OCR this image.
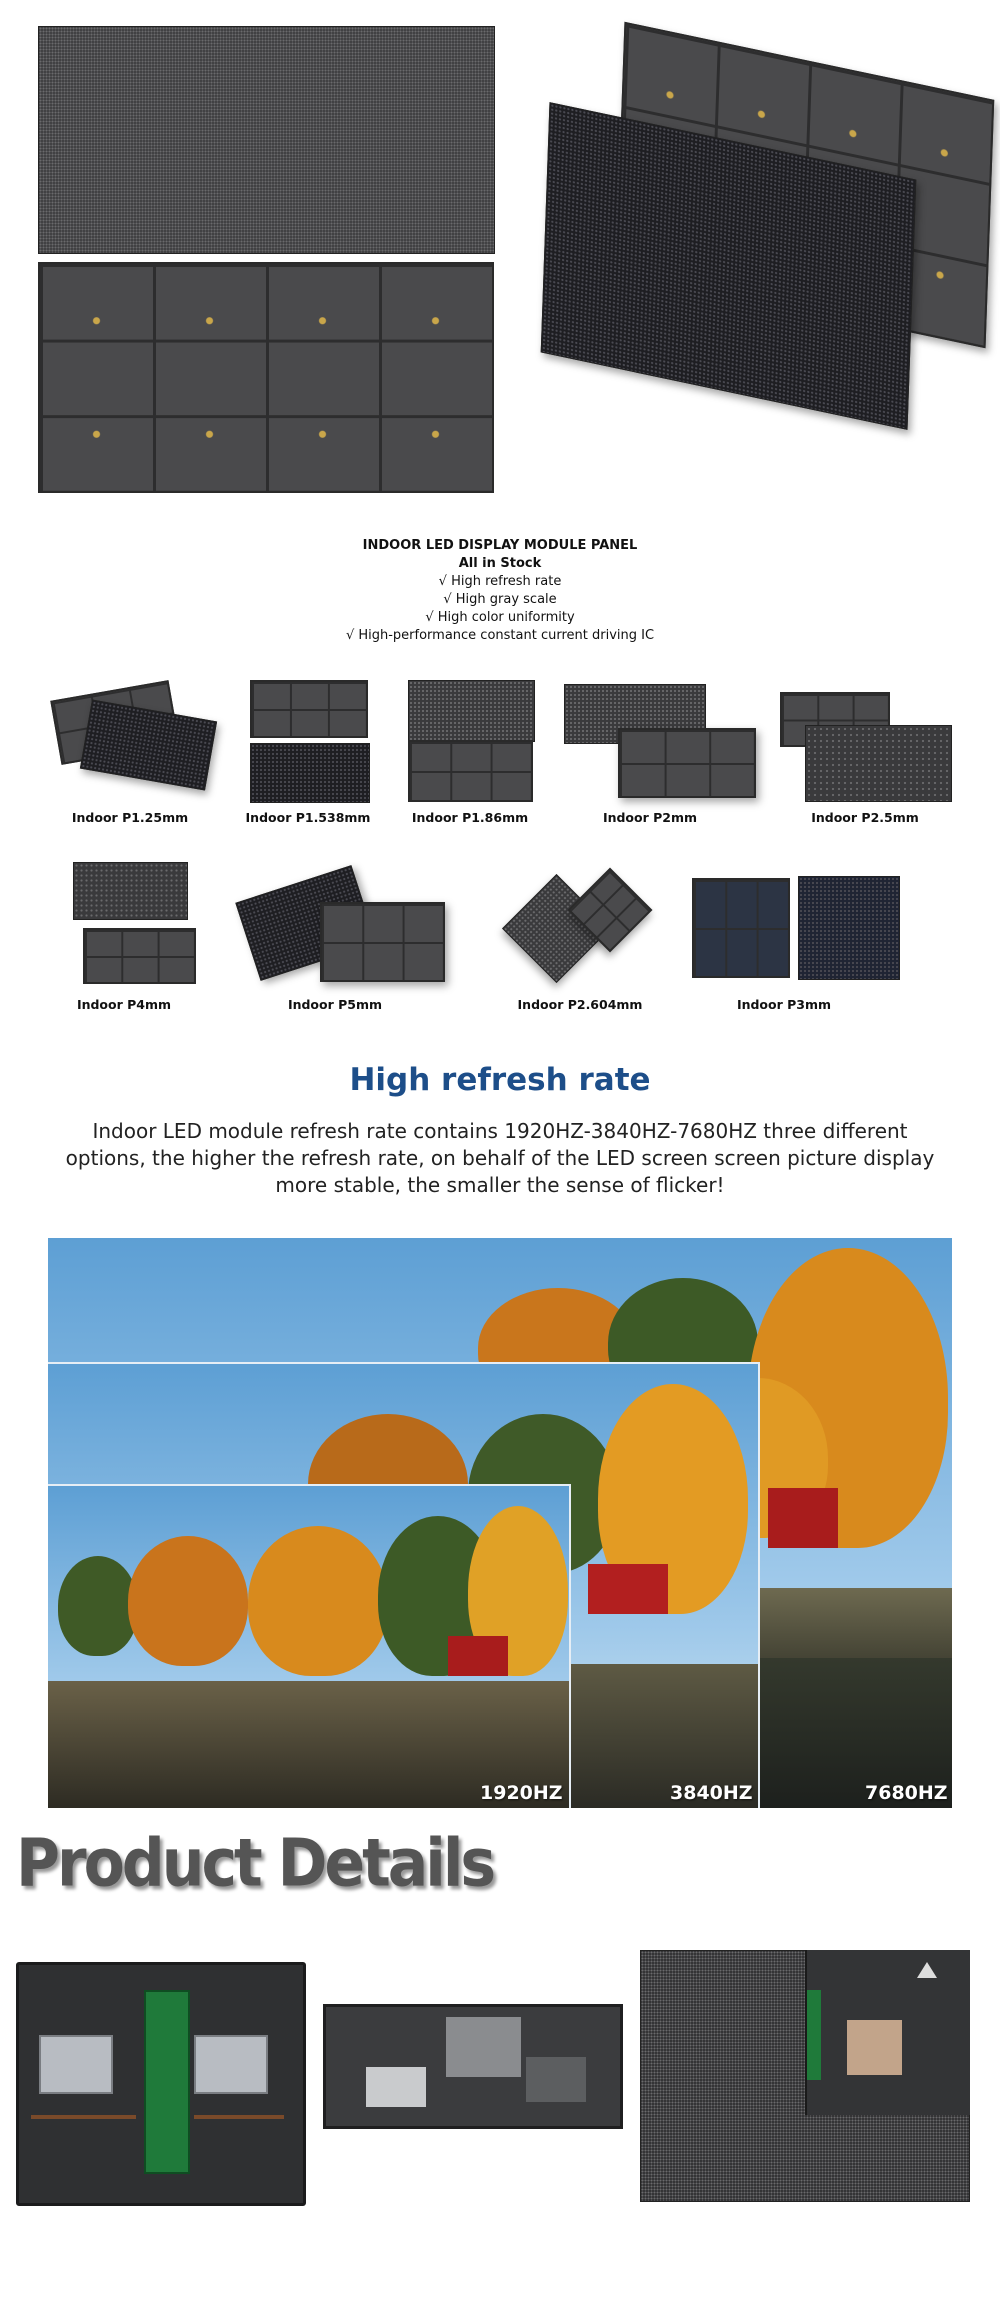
INDOOR LED DISPLAY MODULE PANEL
All in Stock
√ High refresh rate
√ High gray scale
√ High color uniformity
√ High-performance constant current driving IC
Indoor P1.25mm	Indoor P1.538mm	Indoor P1.86mm	Indoor P2mm	Indoor P2.5mm
Indoor P4mm	Indoor P5mm	Indoor P2.604mm	Indoor P3mm
High refresh rate
Indoor LED module refresh rate contains 1920HZ-3840HZ-7680HZ three different
options, the higher the refresh rate, on behalf of the LED screen screen picture display
more stable, the smaller the sense of flicker!
1920HZ	3840HZ	7680HZ
Product Details
